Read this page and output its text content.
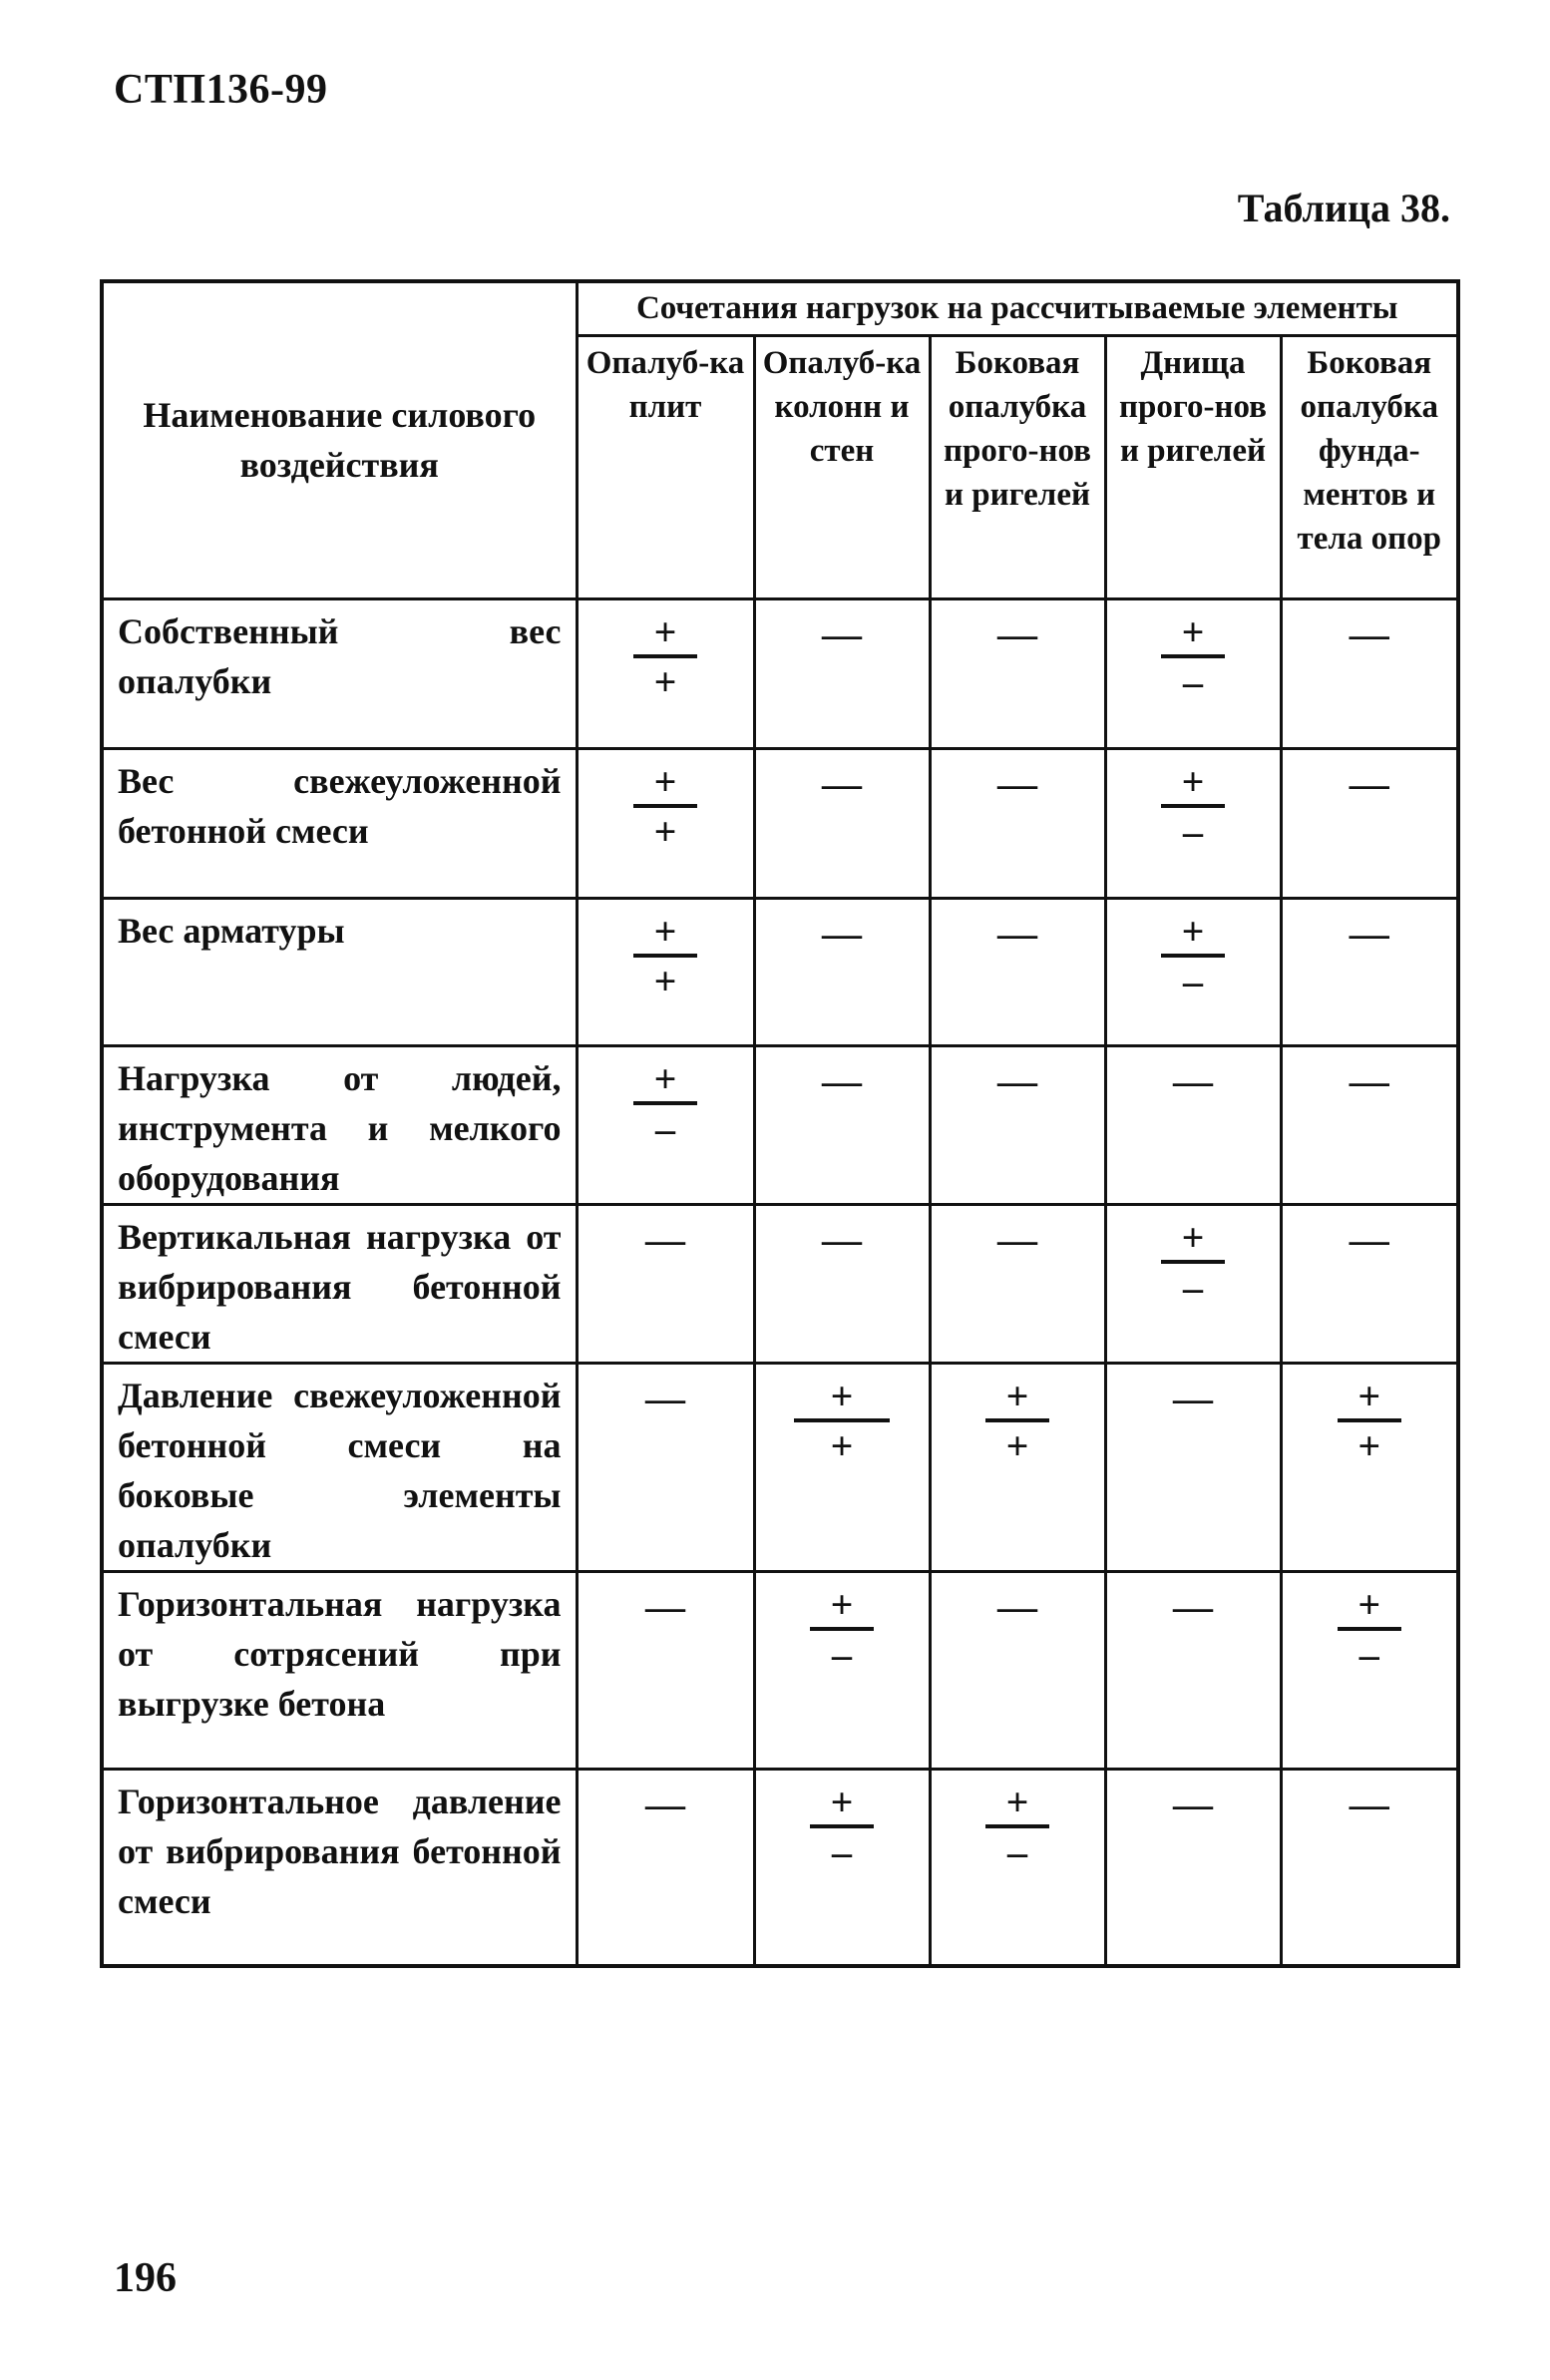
СТП136-99
Таблица 38.
Наименование силового воздействия	Сочетания нагрузок на рассчитываемые элементы				
	Опалуб-ка плит	Опалуб-ка колонн и стен	Боковая опалубка прого-нов и ригелей	Днища прого-нов и ригелей	Боковая опалубка фунда-ментов и тела опор
Собственный вес опалубки	$\frac{+}{+}$	—	—	$\frac{+}{-}$	—
Вес свежеуложенной бетонной смеси	$\frac{+}{+}$	—	—	$\frac{+}{-}$	—
Вес арматуры	$\frac{+}{+}$	—	—	$\frac{+}{-}$	—
Нагрузка от людей, инструмента и мелкого оборудования	$\frac{+}{-}$	—	—	—	—
Вертикальная нагрузка от вибрирования бетонной смеси	—	—	—	$\frac{+}{-}$	—
Давление свежеуложенной бетонной смеси на боковые элементы опалубки	—	$\frac{+}{+}$	$\frac{+}{+}$	—	$\frac{+}{+}$

Горизонтальная нагрузка от сотрясений при выгрузке бетона	—	$\frac{+}{-}$	—	—	$\frac{+}{-}$

Горизонтальное давление от вибрирования бетонной смеси	—	$\frac{+}{-}$	$\frac{+}{-}$	—	—
196
